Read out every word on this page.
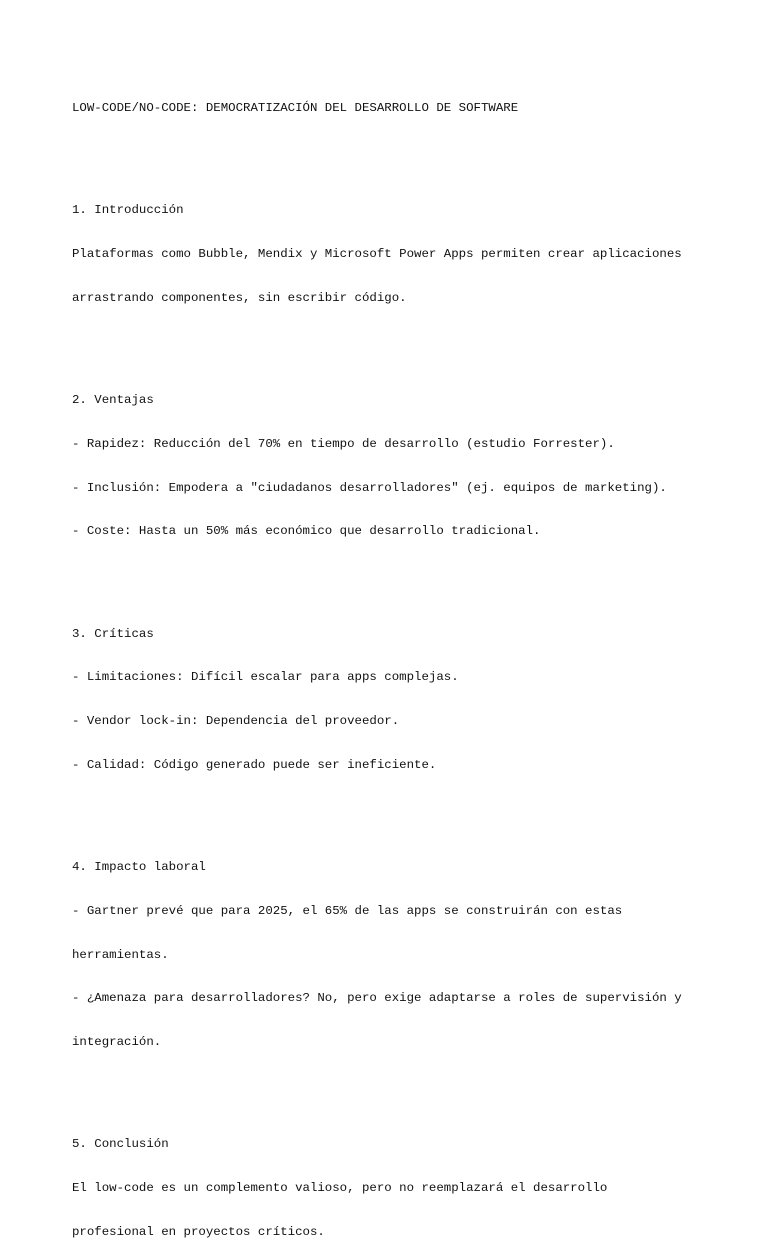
LOW-CODE/NO-CODE: DEMOCRATIZACIÓN DEL DESARROLLO DE SOFTWARE

1. Introducción

Plataformas como Bubble, Mendix y Microsoft Power Apps permiten crear aplicaciones

arrastrando componentes, sin escribir código.

2. Ventajas

- Rapidez: Reducción del 70% en tiempo de desarrollo (estudio Forrester).

- Inclusión: Empodera a "ciudadanos desarrolladores" (ej. equipos de marketing).

- Coste: Hasta un 50% más económico que desarrollo tradicional.

3. Críticas

- Limitaciones: Difícil escalar para apps complejas.

- Vendor lock-in: Dependencia del proveedor.

- Calidad: Código generado puede ser ineficiente.

4. Impacto laboral

- Gartner prevé que para 2025, el 65% de las apps se construirán con estas

herramientas.

- ¿Amenaza para desarrolladores? No, pero exige adaptarse a roles de supervisión y

integración.

5. Conclusión

El low-code es un complemento valioso, pero no reemplazará el desarrollo

profesional en proyectos críticos.
